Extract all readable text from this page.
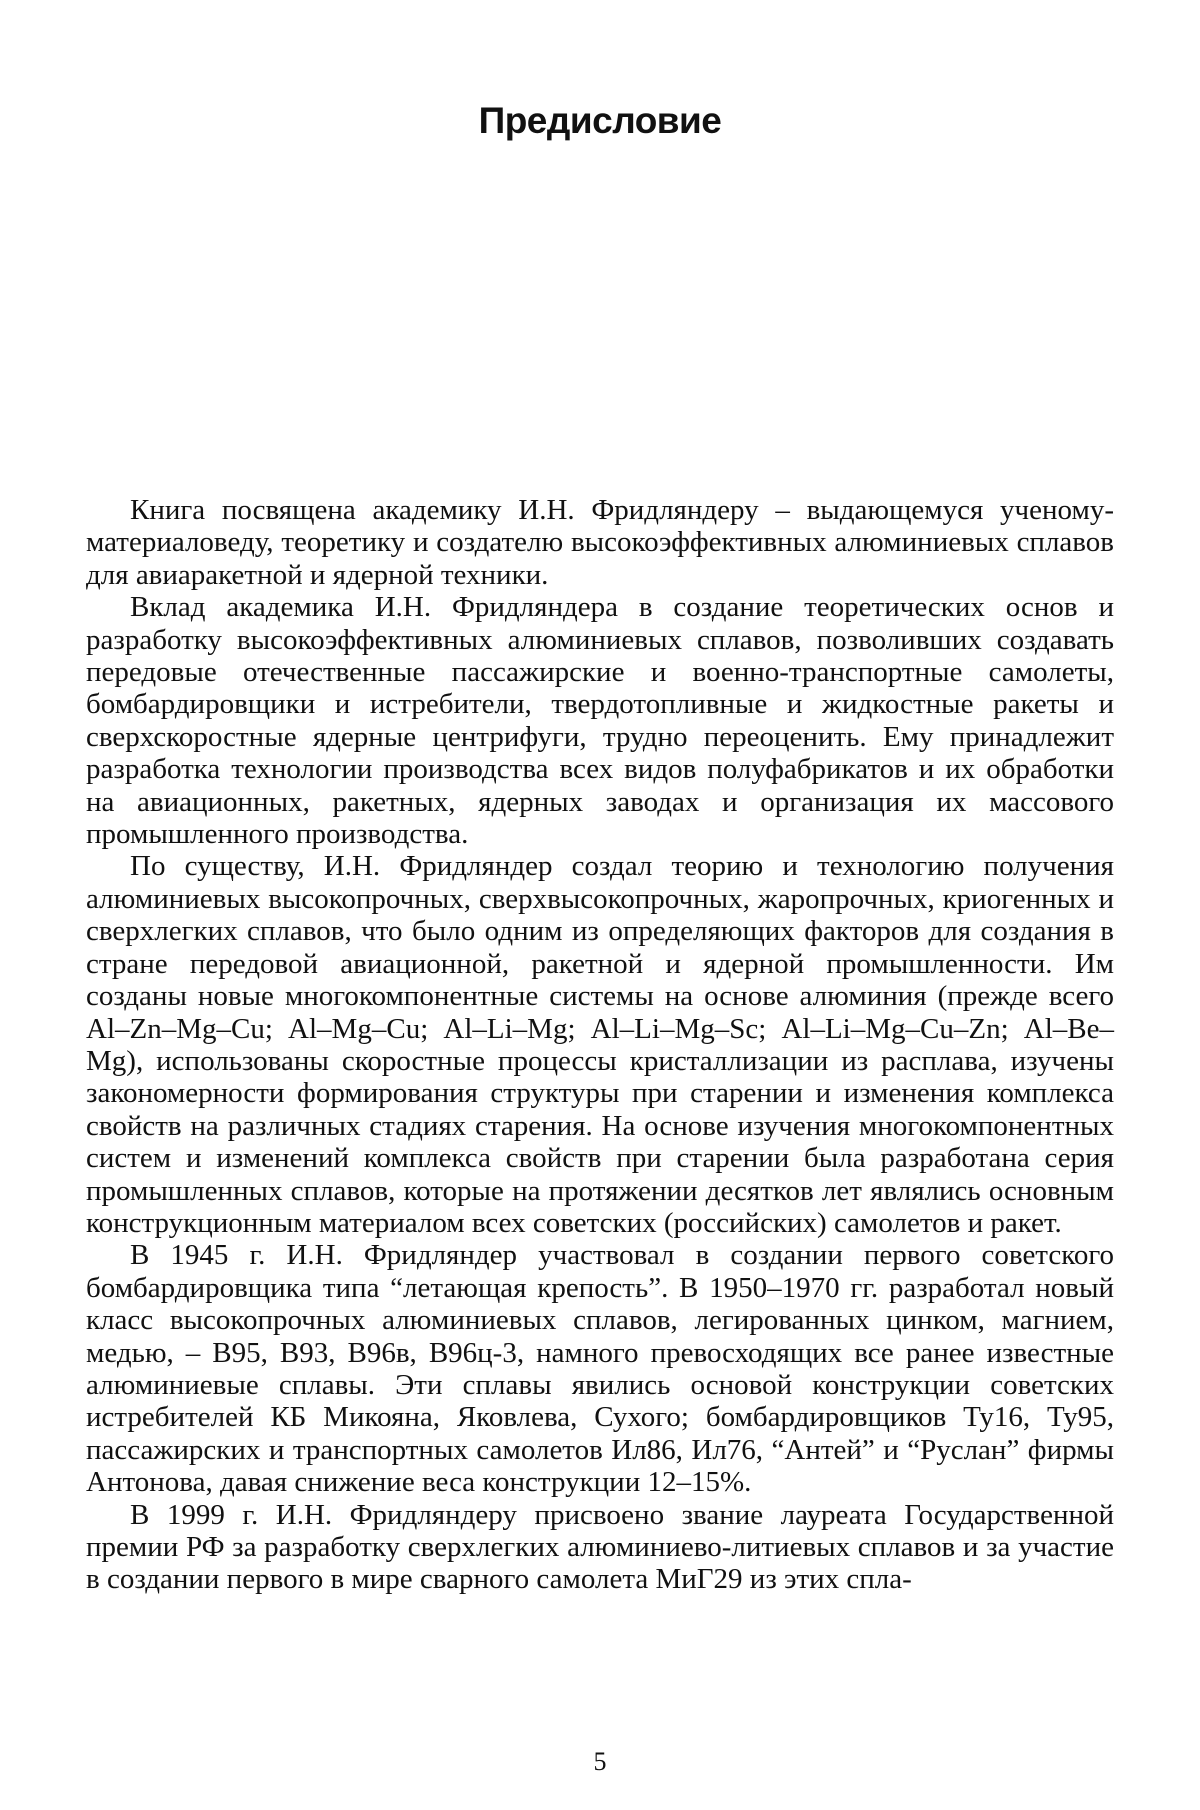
Предисловие

Книга посвящена академику И.Н. Фридляндеру – выдающемуся ученому-материаловеду, теоретику и создателю высокоэффективных алюминиевых сплавов для авиаракетной и ядерной техники.

Вклад академика И.Н. Фридляндера в создание теоретических основ и разработку высокоэффективных алюминиевых сплавов, позволивших создавать передовые отечественные пассажирские и военно-транспортные самолеты, бомбардировщики и истребители, твердотопливные и жидкостные ракеты и сверхскоростные ядерные центрифуги, трудно переоценить. Ему принадлежит разработка технологии производства всех видов полуфабрикатов и их обработки на авиационных, ракетных, ядерных заводах и организация их массового промышленного производства.

По существу, И.Н. Фридляндер создал теорию и технологию получения алюминиевых высокопрочных, сверхвысокопрочных, жаропрочных, криогенных и сверхлегких сплавов, что было одним из определяющих факторов для создания в стране передовой авиационной, ракетной и ядерной промышленности. Им созданы новые многокомпонентные системы на основе алюминия (прежде всего Al–Zn–Mg–Cu; Al–Mg–Cu; Al–Li–Mg; Al–Li–Mg–Sc; Al–Li–Mg–Cu–Zn; Al–Be–Mg), использованы скоростные процессы кристаллизации из расплава, изучены закономерности формирования структуры при старении и изменения комплекса свойств на различных стадиях старения. На основе изучения многокомпонентных систем и изменений комплекса свойств при старении была разработана серия промышленных сплавов, которые на протяжении десятков лет являлись основным конструкционным материалом всех советских (российских) самолетов и ракет.

В 1945 г. И.Н. Фридляндер участвовал в создании первого советского бомбардировщика типа “летающая крепость”. В 1950–1970 гг. разработал новый класс высокопрочных алюминиевых сплавов, легированных цинком, магнием, медью, – В95, В93, В96в, В96ц-3, намного превосходящих все ранее известные алюминиевые сплавы. Эти сплавы явились основой конструкции советских истребителей КБ Микояна, Яковлева, Сухого; бомбардировщиков Ту16, Ту95, пассажирских и транспортных самолетов Ил86, Ил76, “Антей” и “Руслан” фирмы Антонова, давая снижение веса конструкции 12–15%.

В 1999 г. И.Н. Фридляндеру присвоено звание лауреата Государственной премии РФ за разработку сверхлегких алюминиево-литиевых сплавов и за участие в создании первого в мире сварного самолета МиГ29 из этих спла-

5
